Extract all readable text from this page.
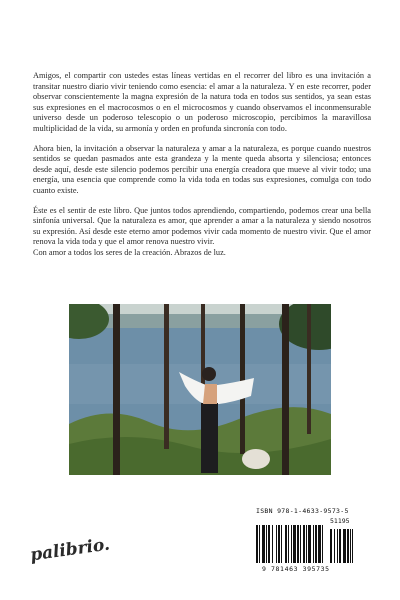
Amigos, el compartir con ustedes estas líneas vertidas en el recorrer del libro es una invitación a transitar nuestro diario vivir teniendo como esencia: el amar a la naturaleza. Y en este recorrer, poder observar conscientemente la magna expresión de la natura toda en todos sus sentidos, ya sean estas sus expresiones en el macrocosmos o en el microcosmos y cuando observamos el inconmensurable universo desde un poderoso telescopio o un poderoso microscopio, percibimos la maravillosa multiplicidad de la vida, su armonía y orden en profunda sincronía con todo.

Ahora bien, la invitación a observar la naturaleza y amar a la naturaleza, es porque cuando nuestros sentidos se quedan pasmados ante esta grandeza y la mente queda absorta y silenciosa; entonces desde aquí, desde este silencio podemos percibir una energía creadora que mueve al vivir todo; una energía, una esencia que comprende como la vida toda en todas sus expresiones, comulga con todo cuanto existe.

Éste es el sentir de este libro. Que juntos todos aprendiendo, compartiendo, podemos crear una bella sinfonía universal. Que la naturaleza es amor, que aprender a amar a la naturaleza y siendo nosotros su expresión. Así desde este eterno amor podemos vivir cada momento de nuestro vivir. Que el amor renova la vida toda y que el amor renova nuestro vivir.

Con amor a todos los seres de la creación. Abrazos de luz.

ISBN 978-1-4633-9573-5
51195
9 781463 395735
palibrio.
